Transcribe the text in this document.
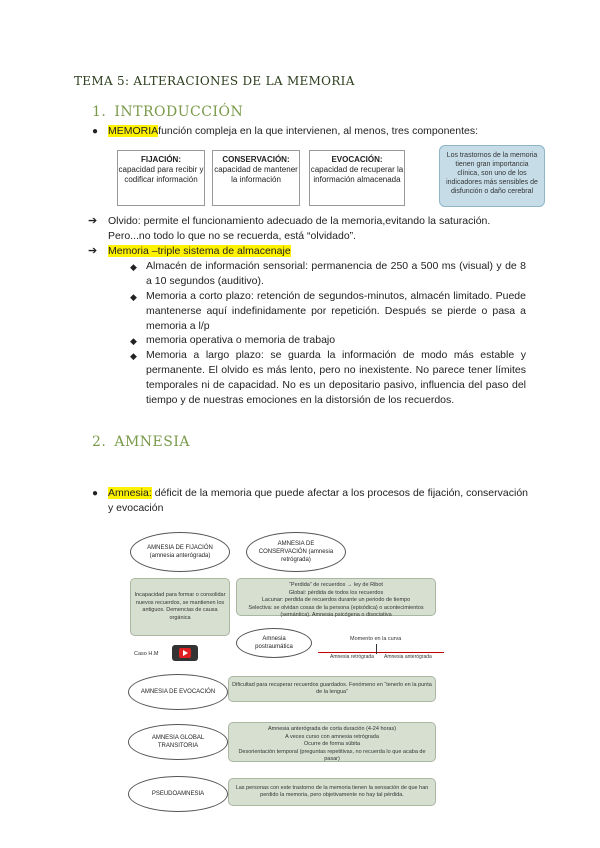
TEMA 5: ALTERACIONES DE LA MEMORIA
1. INTRODUCCIÓN
● MEMORIAfunción compleja en la que intervienen, al menos, tres componentes:
FIJACIÓN:
capacidad para recibir y codificar información
CONSERVACIÓN:
capacidad de mantener la información
EVOCACIÓN:
capacidad de recuperar la información almacenada
Los trastornos de la memoria tienen gran importancia clínica, son uno de los indicadores más sensibles de disfunción o daño cerebral
➔ Olvido: permite el funcionamiento adecuado de la memoria,evitando la saturación.
Pero...no todo lo que no se recuerda, está “olvidado”.
➔ Memoria –triple sistema de almacenaje
◆ Almacén de información sensorial: permanencia de 250 a 500 ms (visual) y de 8 a 10 segundos (auditivo).
◆ Memoria a corto plazo: retención de segundos-minutos, almacén limitado. Puede mantenerse aquí indefinidamente por repetición. Después se pierde o pasa a memoria a l/p
◆ memoria operativa o memoria de trabajo
◆ Memoria a largo plazo: se guarda la información de modo más estable y permanente. El olvido es más lento, pero no inexistente. No parece tener límites temporales ni de capacidad. No es un depositario pasivo, influencia del paso del tiempo y de nuestras emociones en la distorsión de los recuerdos.
2. AMNESIA
● Amnesia: déficit de la memoria que puede afectar a los procesos de fijación, conservación y evocación
AMNESIA DE FIJACIÓN (amnesia anterógrada)
AMNESIA DE CONSERVACIÓN (amnesia retrógrada)
Incapacidad para formar o consolidar nuevos recuerdos, se mantienen los antiguos. Demencias de causa orgánica
Caso H.M
“Perdida” de recuerdos → ley de Ribot
Global: pérdida de todos los recuerdos
Lacunar: perdida de recuerdos durante un periodo de tiempo
Selectiva: se olvidan cosas de la persona (episódica) o acontecimientos (semántica). Amnesia psicógena o disociativa
Amnesia postraumática
Momento en la curva
Amnesia retrógrada Amnesia anterógrada
AMNESIA DE EVOCACIÓN
Dificultad para recuperar recuerdos guardados. Fenómeno en “tenerlo en la punta de la lengua”
AMNESIA GLOBAL TRANSITORIA
Amnesia anterógrada de corta duración (4-24 horas)
A veces curso con amnesia retrógrada
Ocurre de forma súbita
Desorientación temporal (preguntas repetitivas, no recuerda lo que acaba de pasar)
PSEUDOAMNESIA
Las personas con este trastorno de la memoria tienen la sensación de que han perdido la memoria, pero objetivamente no hay tal pérdida.
